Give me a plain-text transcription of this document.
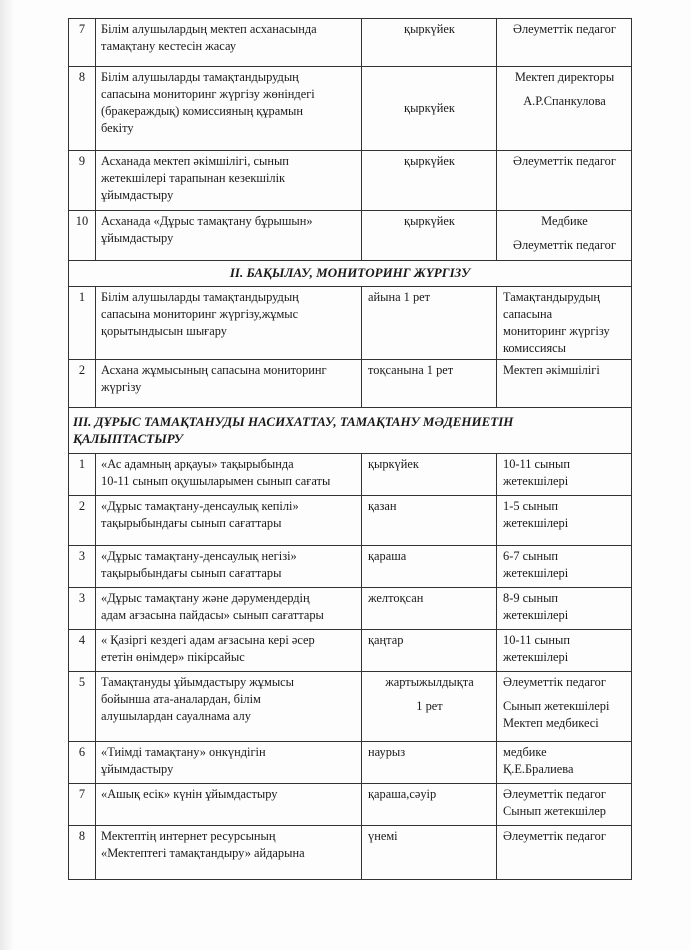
7	Білім алушылардың мектеп асханасында
тамақтану кестесін жасау	қыркүйек	Әлеуметтік педагог

8	Білім алушыларды тамақтандырудың
сапасына мониторинг жүргізу жөніндегі
(бракераждық) комиссияның құрамын
бекіту	қыркүйек	Мектеп директоры
А.Р.Спанкулова

9	Асханада мектеп әкімшілігі, сынып
жетекшілері тарапынан кезекшілік
ұйымдастыру	қыркүйек	Әлеуметтік педагог

10	Асханада «Дұрыс тамақтану бұрышын»
ұйымдастыру	қыркүйек	Медбике
Әлеуметтік педагог

II. БАҚЫЛАУ, МОНИТОРИНГ ЖҮРГІЗУ			
1	Білім алушыларды тамақтандырудың
сапасына мониторинг жүргізу,жұмыс
қорытындысын шығару	айына 1 рет	Тамақтандырудың
сапасына
мониторинг жүргізу
комиссиясы

2	Асхана жұмысының сапасына мониторинг
жүргізу	тоқсанына 1 рет	Мектеп әкімшілігі

III. ДҰРЫС ТАМАҚТАНУДЫ НАСИХАТТАУ, ТАМАҚТАНУ МӘДЕНИЕТІН ҚАЛЫПТАСТЫРУ			
1	«Ас адамның арқауы» тақырыбында
10-11 сынып оқушыларымен сынып сағаты	қыркүйек	10-11 сынып
жетекшілері

2	«Дұрыс тамақтану-денсаулық кепілі»
тақырыбындағы сынып сағаттары	қазан	1-5 сынып
жетекшілері

3	«Дұрыс тамақтану-денсаулық негізі»
тақырыбындағы сынып сағаттары	қараша	6-7 сынып
жетекшілері

3	«Дұрыс тамақтану және дәрумендердің
адам ағзасына пайдасы» сынып сағаттары	желтоқсан	8-9 сынып
жетекшілері

4	« Қазіргі кездегі адам ағзасына кері әсер
ететін өнімдер» пікірсайыс	қаңтар	10-11 сынып
жетекшілері

5	Тамақтануды ұйымдастыру жұмысы
бойынша ата-аналардан, білім
алушылардан сауалнама алу	жартыжылдықта
1 рет	Әлеуметтік педагог
Сынып жетекшілері
Мектеп медбикесі

6	«Тиімді тамақтану» онкүндігін
ұйымдастыру	наурыз	медбике
Қ.Е.Бралиева

7	«Ашық есік» күнін ұйымдастыру	қараша,сәуір	Әлеуметтік педагог
Сынып жетекшілер

8	Мектептің интернет ресурсының
«Мектептегі тамақтандыру» айдарына	үнемі	Әлеуметтік педагог
